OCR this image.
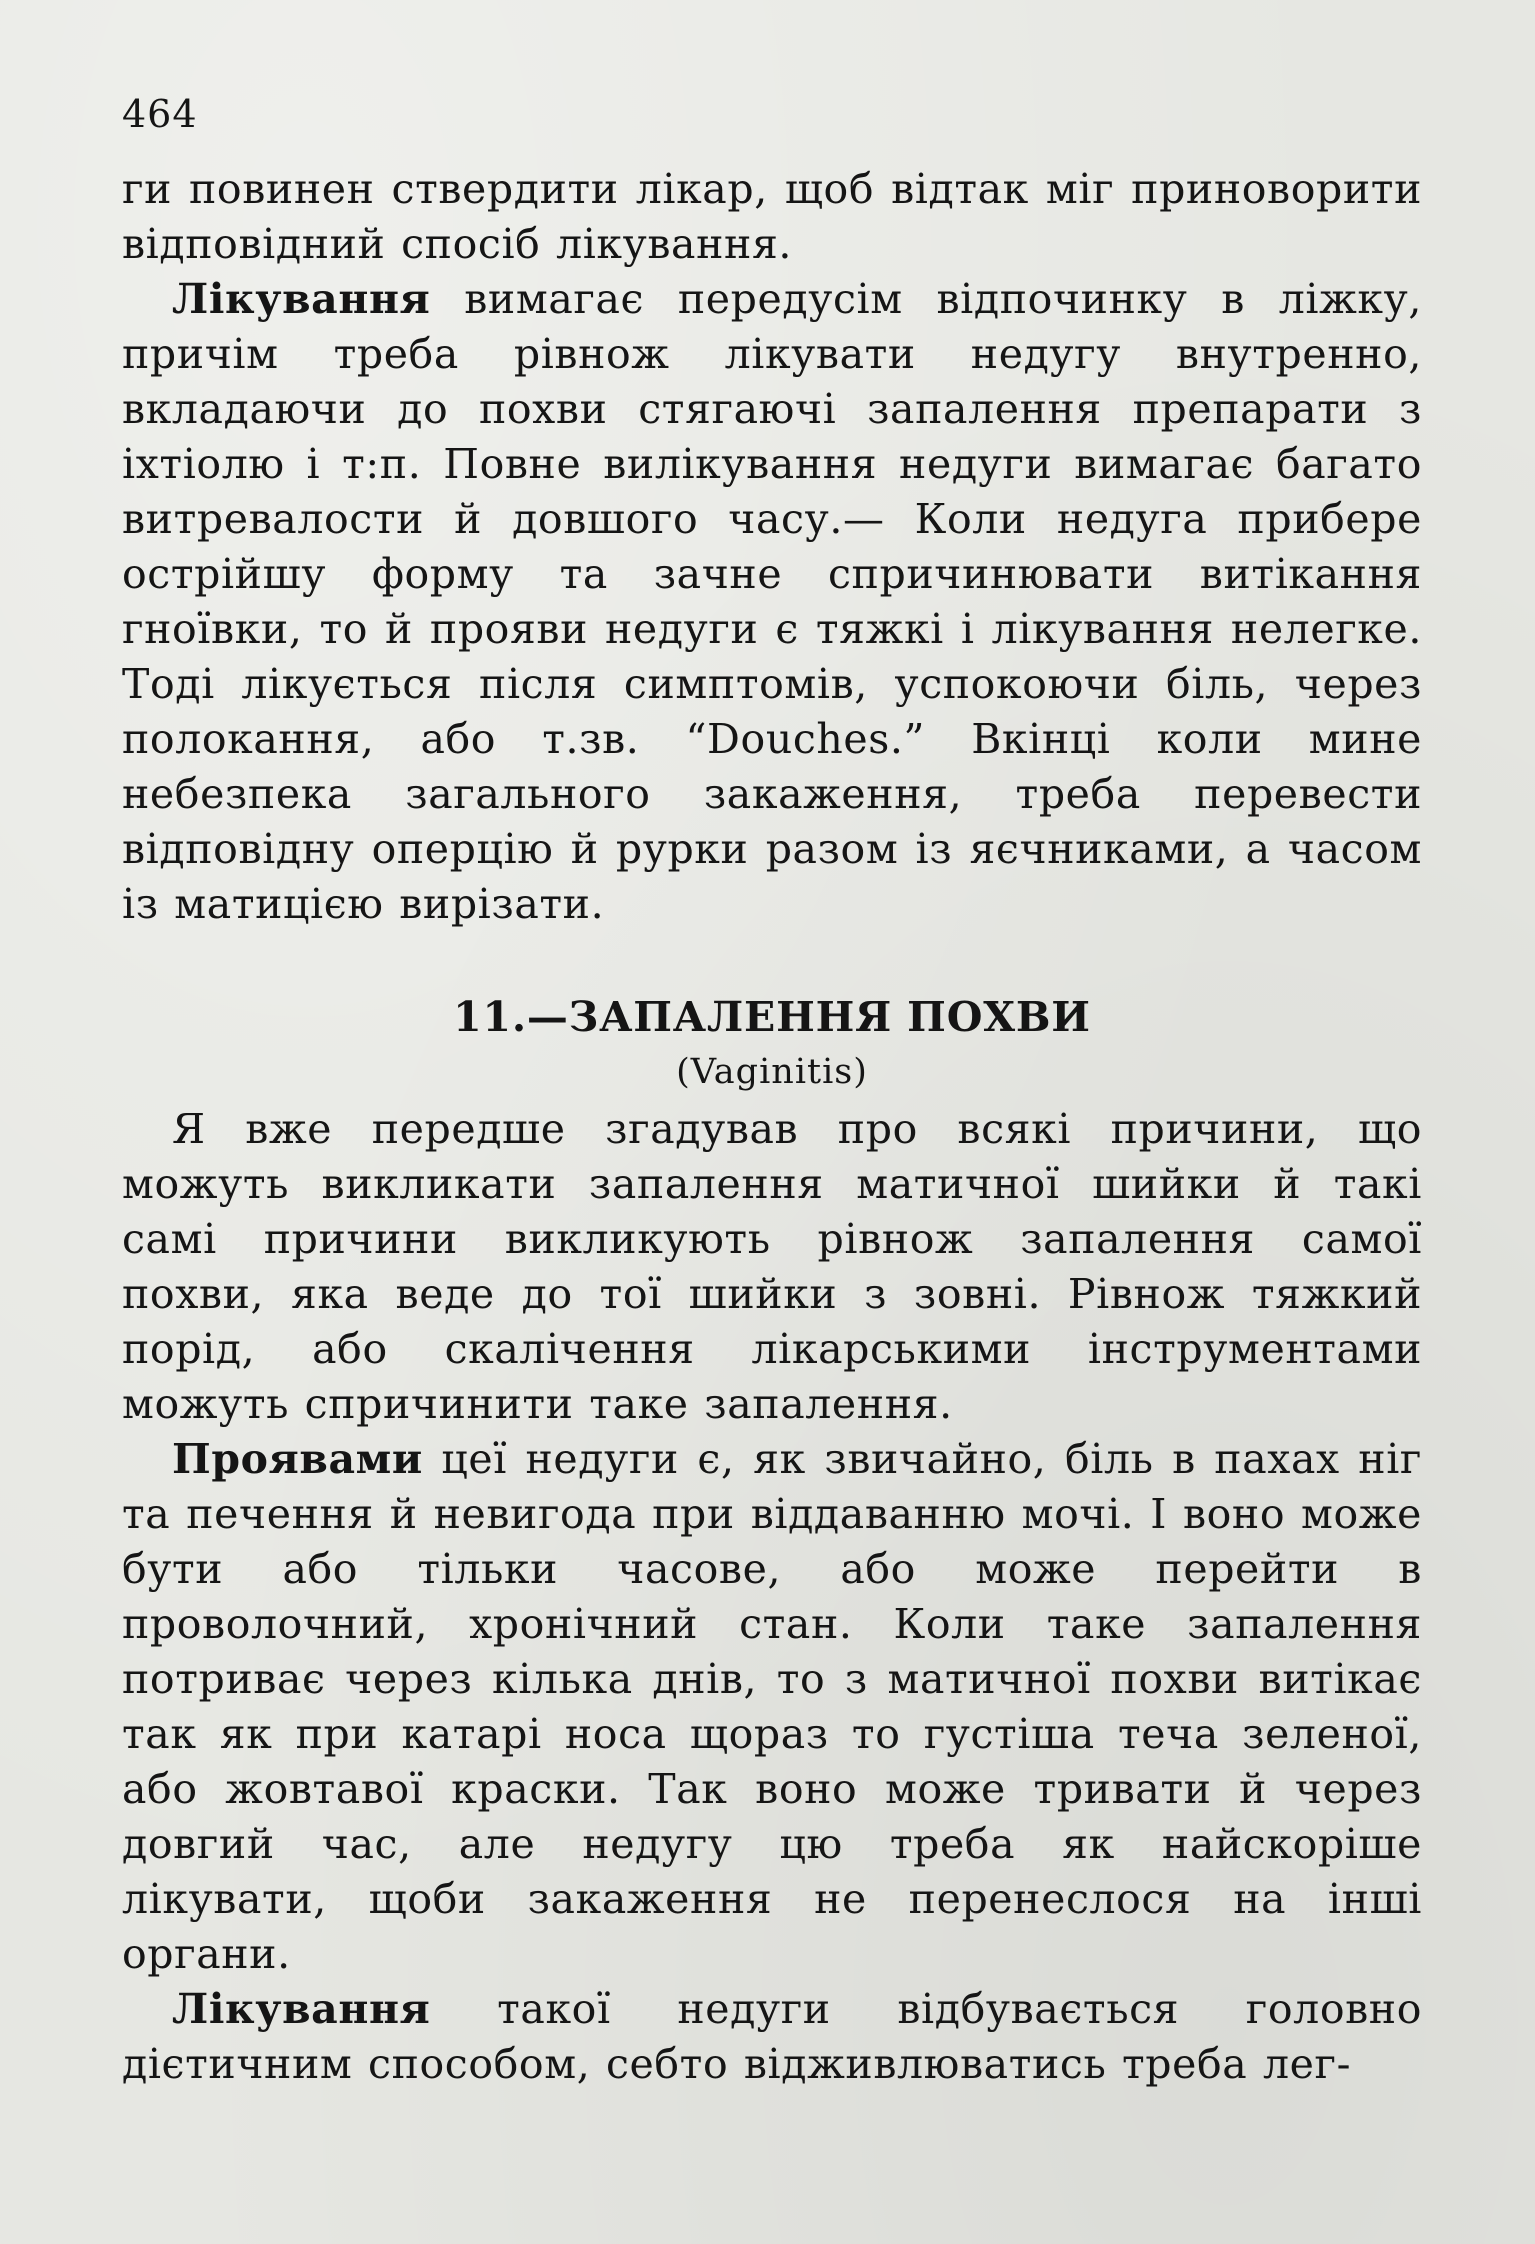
464

ги повинен ствердити лікар, щоб відтак міг приноворити відповідний спосіб лікування.

Лікування вимагає передусім відпочинку в ліжку, причім треба рівнож лікувати недугу внутренно, вкладаючи до похви стягаючі запалення препарати з іхтіолю і т:п. Повне вилікування недуги вимагає багато витревалости й довшого часу.— Коли недуга прибере острійшу форму та зачне спричинювати витікання гноївки, то й прояви недуги є тяжкі і лікування нелегке. Тоді лікується після симптомів, успокоючи біль, через полокання, або т.зв. “Douches.” Вкінці коли мине небезпека загального закаження, треба перевести відповідну оперцію й рурки разом із яєчниками, а часом із матицією вирізати.

11.—ЗАПАЛЕННЯ ПОХВИ
(Vaginitis)

Я вже передше згадував про всякі причини, що можуть викликати запалення матичної шийки й такі самі причини викликують рівнож запалення самої похви, яка веде до тої шийки з зовні. Рівнож тяжкий порід, або скалічення лікарськими інструментами можуть спричинити таке запалення.

Проявами цеї недуги є, як звичайно, біль в пахах ніг та печення й невигода при віддаванню мочі. І воно може бути або тільки часове, або може перейти в проволочний, хронічний стан. Коли таке запалення потриває через кілька днів, то з матичної похви витікає так як при катарі носа щораз то густіша теча зеленої, або жовтавої краски. Так воно може тривати й через довгий час, але недугу цю треба як найскоріше лікувати, щоби закаження не перенеслося на інші органи.

Лікування такої недуги відбувається головно дієтичним способом, себто відживлюватись треба лег-
